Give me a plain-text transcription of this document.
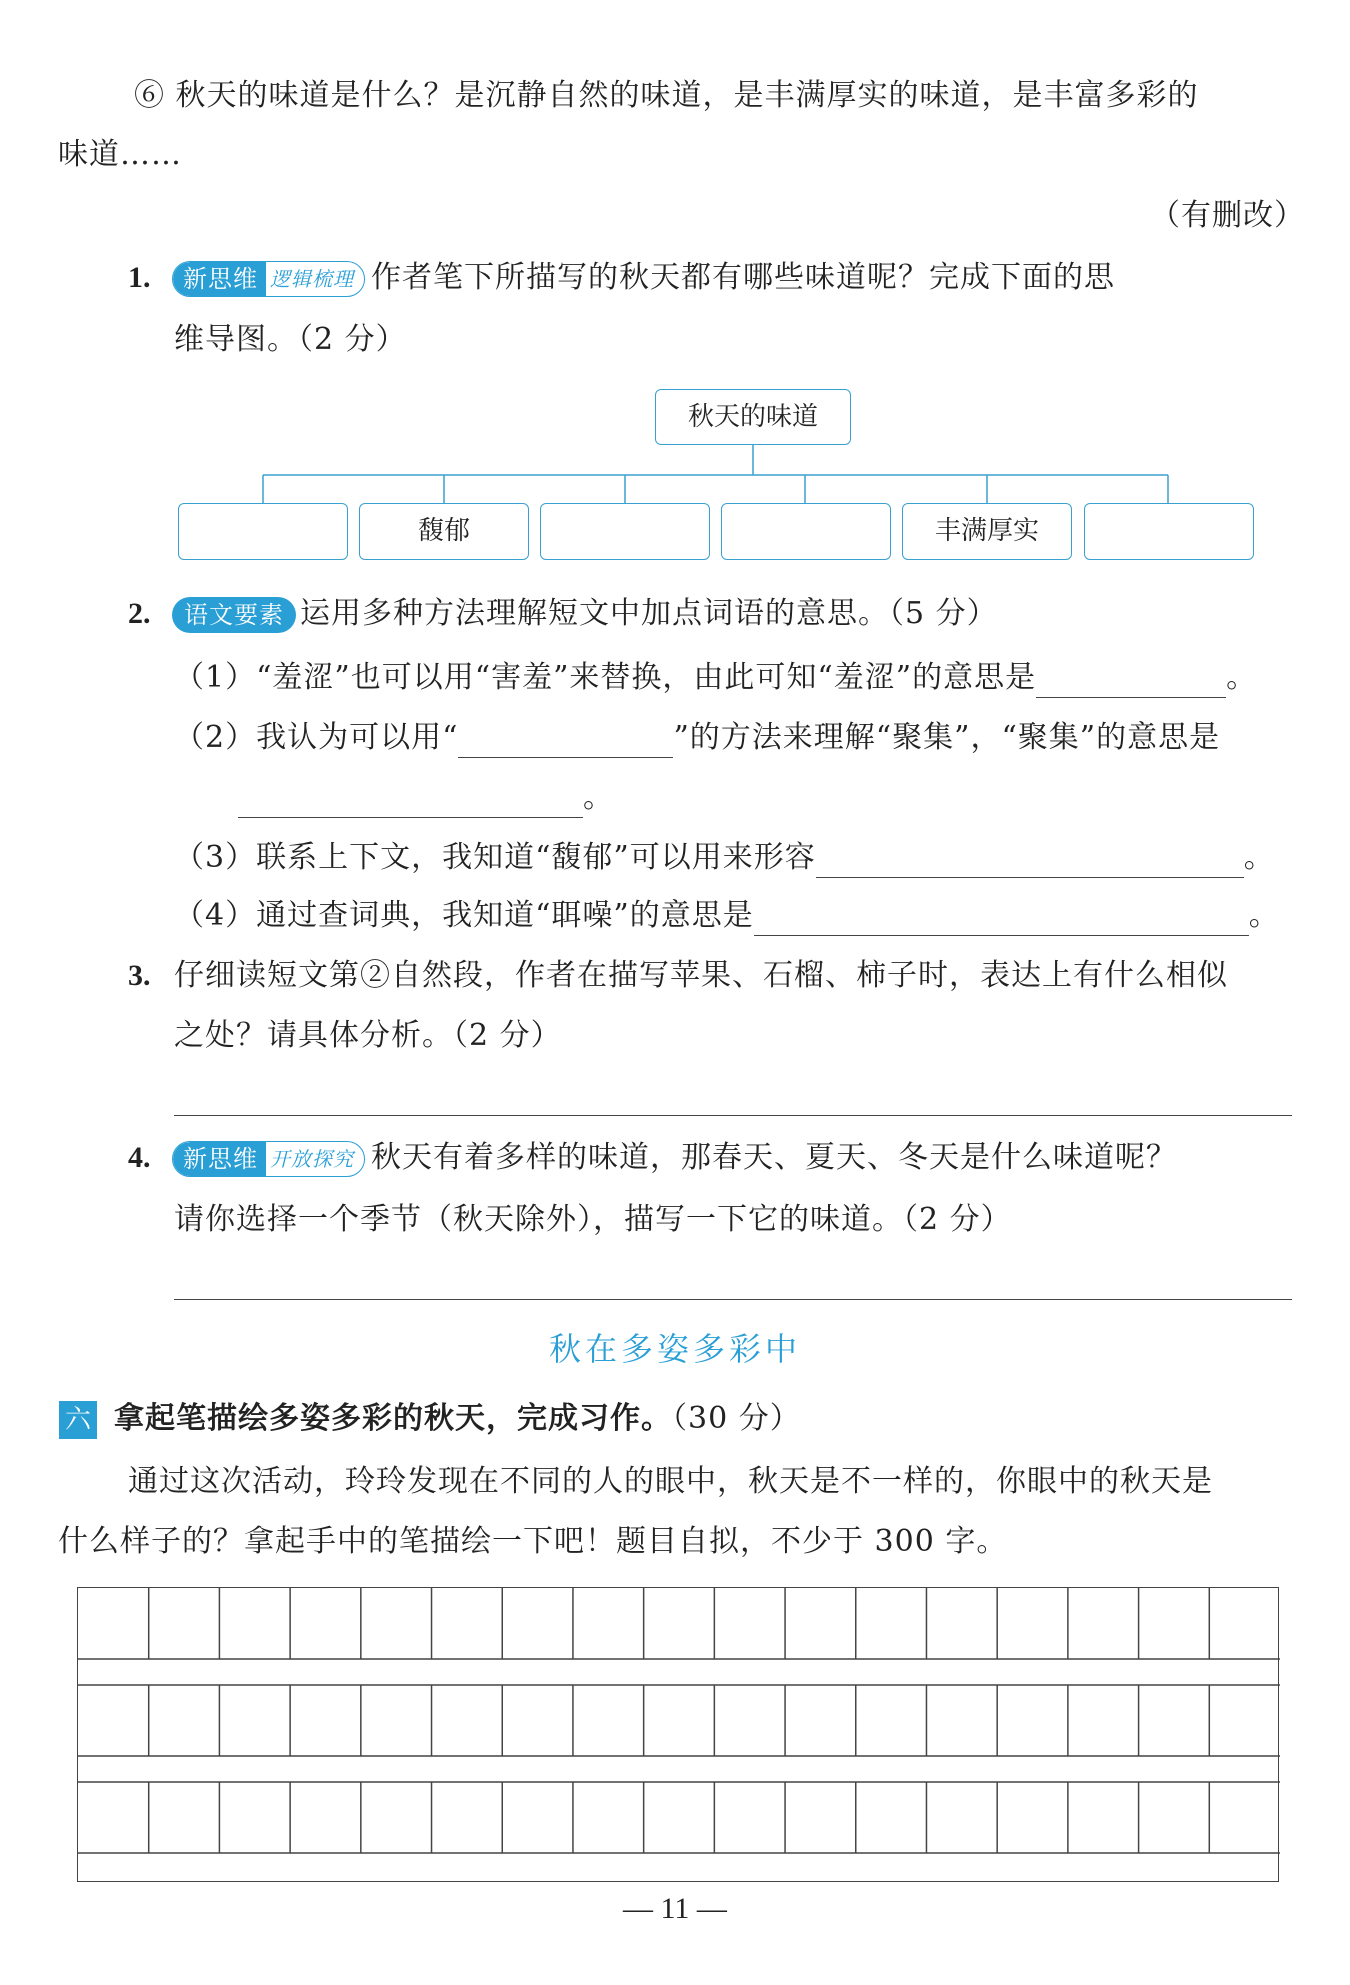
⑥ 秋天的味道是什么？是沉静自然的味道，是丰满厚实的味道，是丰富多彩的
味道……
（有删改）
1.	新思维 逻辑梳理 作者笔下所描写的秋天都有哪些味道呢？完成下面的思
维导图。（2 分）
秋天的味道
馥郁	丰满厚实
2.	语文要素 运用多种方法理解短文中加点词语的意思。（5 分）
（1）“羞涩”也可以用“害羞”来替换，由此可知“羞涩”的意思是	。
（2）我认为可以用“	”的方法来理解“聚集”，“聚集”的意思是
。
（3）联系上下文，我知道“馥郁”可以用来形容	。
（4）通过查词典，我知道“聑噪”的意思是	。
3. 仔细读短文第②自然段，作者在描写苹果、石榴、柿子时，表达上有什么相似
之处？请具体分析。（2 分）
4.	新思维 开放探究 秋天有着多样的味道，那春天、夏天、冬天是什么味道呢？
请你选择一个季节（秋天除外），描写一下它的味道。（2 分）
秋在多姿多彩中
六 拿起笔描绘多姿多彩的秋天，完成习作。（30 分）
通过这次活动，玲玲发现在不同的人的眼中，秋天是不一样的，你眼中的秋天是
什么样子的？拿起手中的笔描绘一下吧！题目自拟，不少于 300 字。
— 11 —
